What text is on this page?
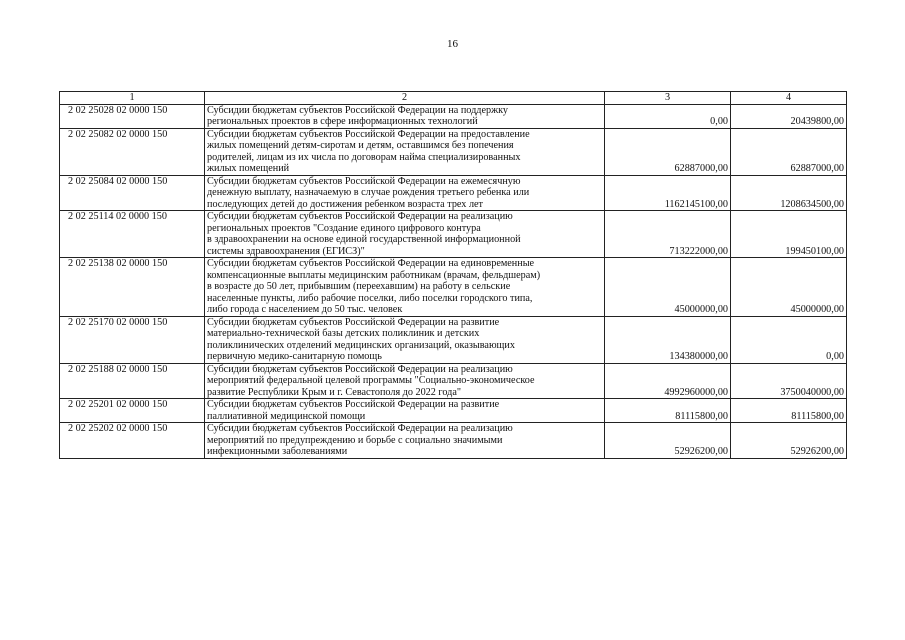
16
1	2	3	4
2 02 25028 02 0000 150	Субсидии бюджетам субъектов Российской Федерации на поддержку
региональных проектов в сфере информационных технологий	0,00	20439800,00
2 02 25082 02 0000 150	Субсидии бюджетам субъектов Российской Федерации на предоставление
жилых помещений детям-сиротам и детям, оставшимся без попечения
родителей, лицам из их числа по договорам найма специализированных
жилых помещений	62887000,00	62887000,00
2 02 25084 02 0000 150	Субсидии бюджетам субъектов Российской Федерации на ежемесячную
денежную выплату, назначаемую в случае рождения третьего ребенка или
последующих детей до достижения ребенком возраста трех лет	1162145100,00	1208634500,00
2 02 25114 02 0000 150	Субсидии бюджетам субъектов Российской Федерации на реализацию
региональных проектов "Создание единого цифрового контура
в здравоохранении на основе единой государственной информационной
системы здравоохранения (ЕГИСЗ)"	713222000,00	199450100,00
2 02 25138 02 0000 150	Субсидии бюджетам субъектов Российской Федерации на единовременные
компенсационные выплаты медицинским работникам (врачам, фельдшерам)
в возрасте до 50 лет, прибывшим (переехавшим) на работу в сельские
населенные пункты, либо рабочие поселки, либо поселки городского типа,
либо города с населением до 50 тыс. человек	45000000,00	45000000,00
2 02 25170 02 0000 150	Субсидии бюджетам субъектов Российской Федерации на развитие
материально-технической базы детских поликлиник и детских
поликлинических отделений медицинских организаций, оказывающих
первичную медико-санитарную помощь	134380000,00	0,00
2 02 25188 02 0000 150	Субсидии бюджетам субъектов Российской Федерации на реализацию
мероприятий федеральной целевой программы "Социально-экономическое
развитие Республики Крым и г. Севастополя до 2022 года"	4992960000,00	3750040000,00
2 02 25201 02 0000 150	Субсидии бюджетам субъектов Российской Федерации на развитие
паллиативной медицинской помощи	81115800,00	81115800,00
2 02 25202 02 0000 150	Субсидии бюджетам субъектов Российской Федерации на реализацию
мероприятий по предупреждению и борьбе с социально значимыми
инфекционными заболеваниями	52926200,00	52926200,00
